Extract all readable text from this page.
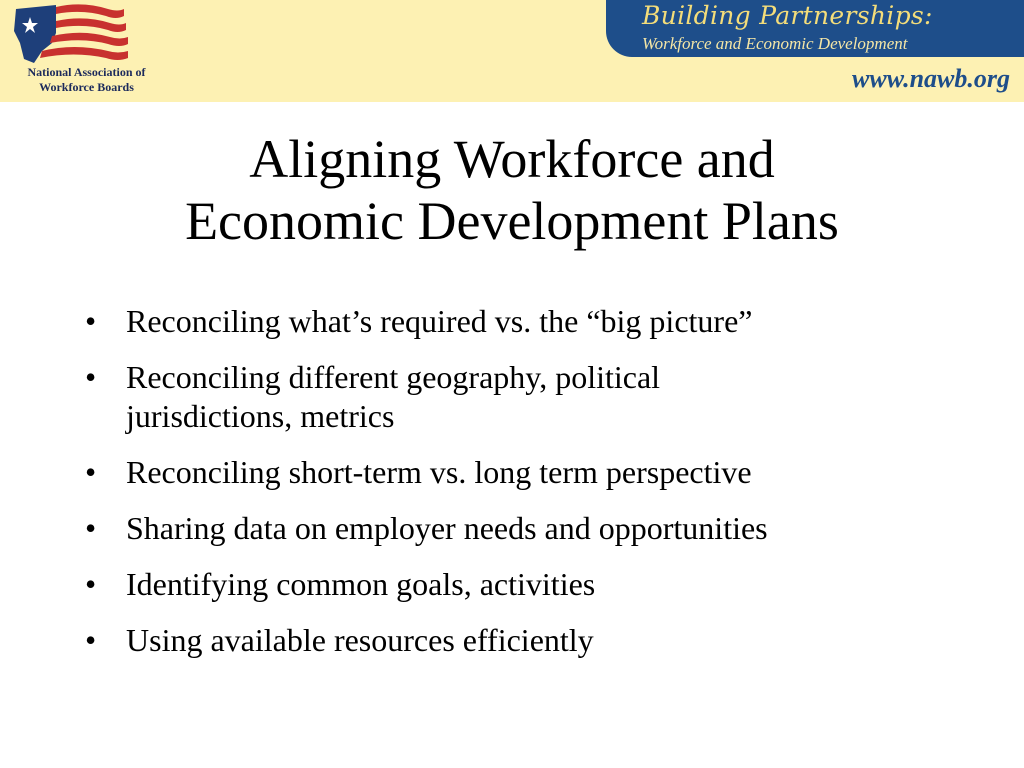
National Association of
Workforce Boards
Building Partnerships:
Workforce and Economic Development
www.nawb.org
Aligning Workforce and
Economic Development Plans
• Reconciling what’s required vs. the “big picture”
• Reconciling different geography, political
jurisdictions, metrics
• Reconciling short-term vs. long term perspective
• Sharing data on employer needs and opportunities
• Identifying common goals, activities
• Using available resources efficiently
